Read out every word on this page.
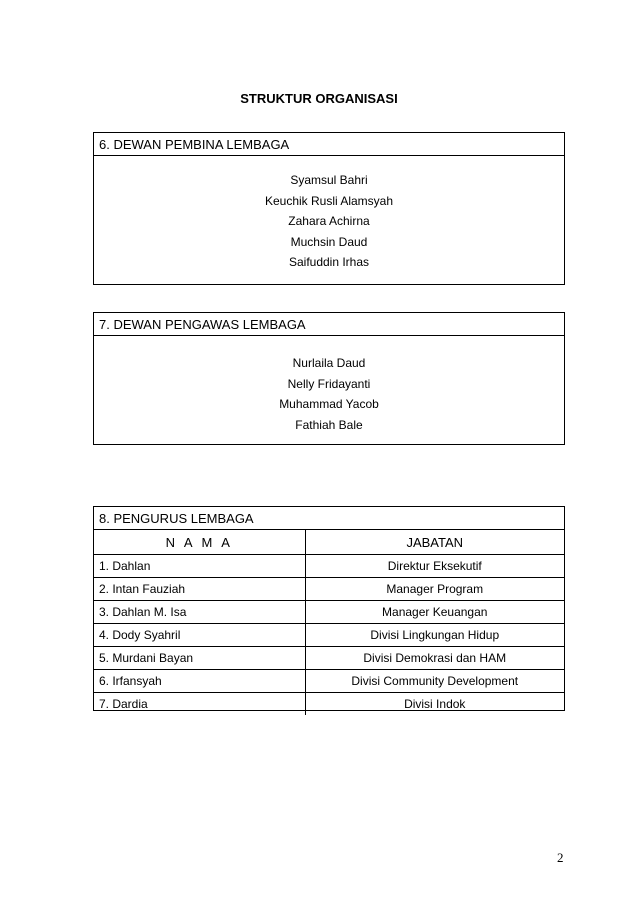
STRUKTUR ORGANISASI
6. DEWAN PEMBINA LEMBAGA
Syamsul Bahri
Keuchik Rusli Alamsyah
Zahara Achirna
Muchsin Daud
Saifuddin Irhas
7. DEWAN PENGAWAS LEMBAGA
Nurlaila Daud
Nelly Fridayanti
Muhammad Yacob
Fathiah Bale
8. PENGURUS LEMBAGA
N A M A	JABATAN
1. Dahlan	Direktur Eksekutif
2. Intan Fauziah	Manager Program
3. Dahlan M. Isa	Manager Keuangan
4. Dody Syahril	Divisi Lingkungan Hidup
5. Murdani Bayan	Divisi Demokrasi dan HAM
6. Irfansyah	Divisi Community Development
7. Dardia	Divisi Indok
2
